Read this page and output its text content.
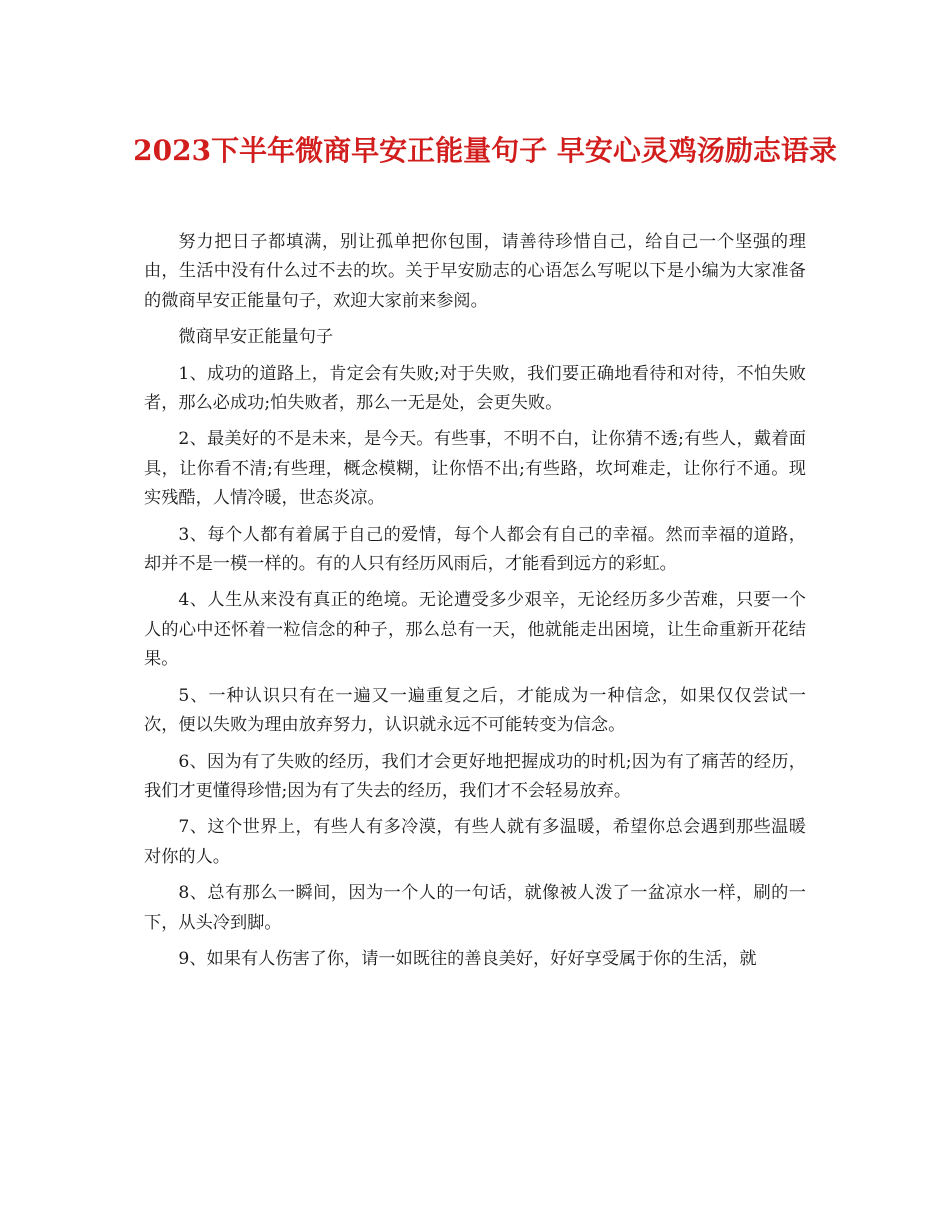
2023下半年微商早安正能量句子 早安心灵鸡汤励志语录

努力把日子都填满，别让孤单把你包围，请善待珍惜自己，给自己一个坚强的理由，生活中没有什么过不去的坎。关于早安励志的心语怎么写呢以下是小编为大家准备的微商早安正能量句子，欢迎大家前来参阅。

微商早安正能量句子

1、成功的道路上，肯定会有失败;对于失败，我们要正确地看待和对待，不怕失败者，那么必成功;怕失败者，那么一无是处，会更失败。

2、最美好的不是未来，是今天。有些事，不明不白，让你猜不透;有些人，戴着面具，让你看不清;有些理，概念模糊，让你悟不出;有些路，坎坷难走，让你行不通。现实残酷，人情冷暖，世态炎凉。

3、每个人都有着属于自己的爱情，每个人都会有自己的幸福。然而幸福的道路，却并不是一模一样的。有的人只有经历风雨后，才能看到远方的彩虹。

4、人生从来没有真正的绝境。无论遭受多少艰辛，无论经历多少苦难，只要一个人的心中还怀着一粒信念的种子，那么总有一天，他就能走出困境，让生命重新开花结果。

5、一种认识只有在一遍又一遍重复之后，才能成为一种信念，如果仅仅尝试一次，便以失败为理由放弃努力，认识就永远不可能转变为信念。

6、因为有了失败的经历，我们才会更好地把握成功的时机;因为有了痛苦的经历，我们才更懂得珍惜;因为有了失去的经历，我们才不会轻易放弃。

7、这个世界上，有些人有多冷漠，有些人就有多温暖，希望你总会遇到那些温暖对你的人。

8、总有那么一瞬间，因为一个人的一句话，就像被人泼了一盆凉水一样，刷的一下，从头冷到脚。

9、如果有人伤害了你，请一如既往的善良美好，好好享受属于你的生活，就
